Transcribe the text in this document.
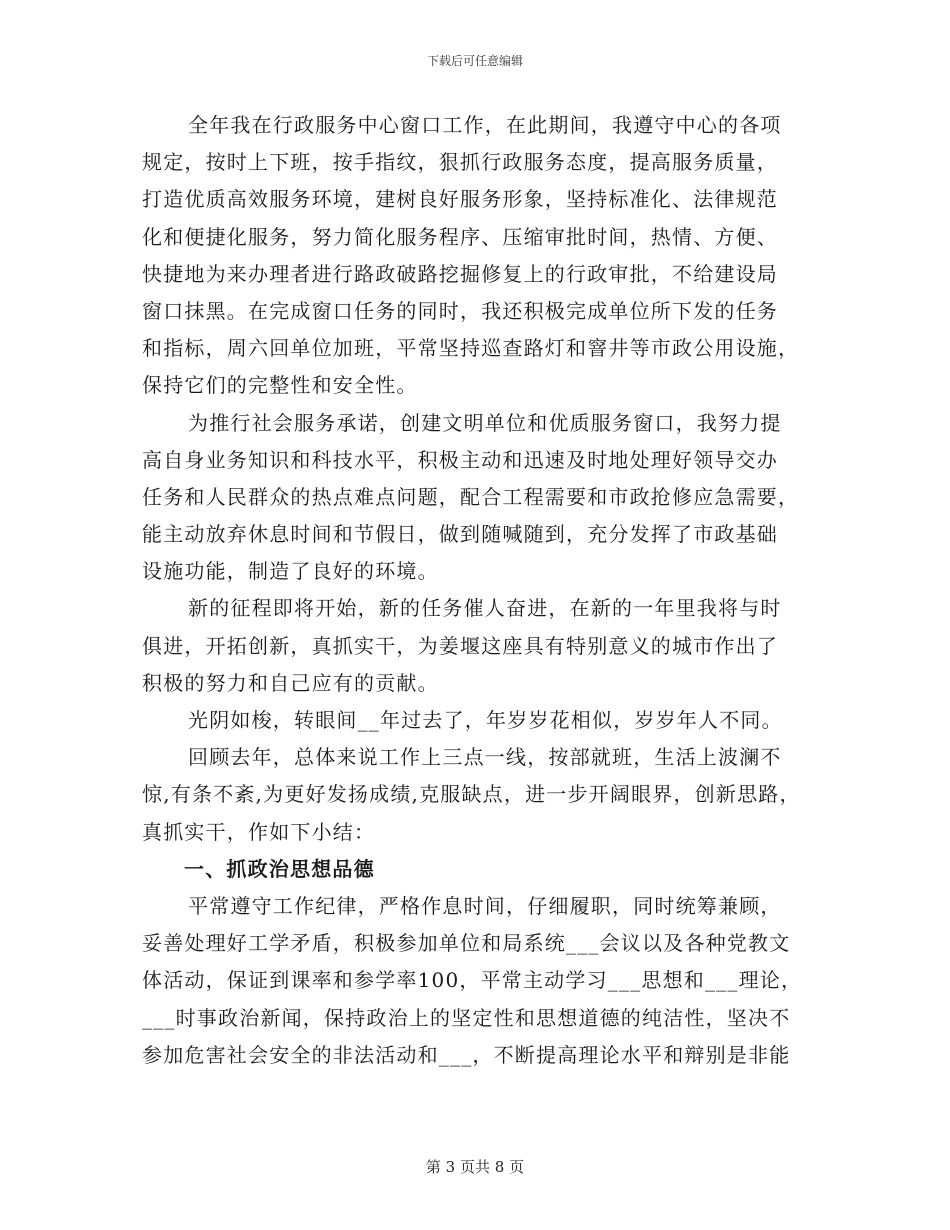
下载后可任意编辑
全年我在行政服务中心窗口工作，在此期间，我遵守中心的各项
规定，按时上下班，按手指纹，狠抓行政服务态度，提高服务质量，
打造优质高效服务环境，建树良好服务形象，坚持标准化、法律规范
化和便捷化服务，努力简化服务程序、压缩审批时间，热情、方便、
快捷地为来办理者进行路政破路挖掘修复上的行政审批，不给建设局
窗口抹黑。在完成窗口任务的同时，我还积极完成单位所下发的任务
和指标，周六回单位加班，平常坚持巡查路灯和窨井等市政公用设施，
保持它们的完整性和安全性。
为推行社会服务承诺，创建文明单位和优质服务窗口，我努力提
高自身业务知识和科技水平，积极主动和迅速及时地处理好领导交办
任务和人民群众的热点难点问题，配合工程需要和市政抢修应急需要，
能主动放弃休息时间和节假日，做到随喊随到，充分发挥了市政基础
设施功能，制造了良好的环境。
新的征程即将开始，新的任务催人奋进，在新的一年里我将与时
俱进，开拓创新，真抓实干，为姜堰这座具有特别意义的城市作出了
积极的努力和自己应有的贡献。
光阴如梭，转眼间__年过去了，年岁岁花相似，岁岁年人不同。
回顾去年，总体来说工作上三点一线，按部就班，生活上波澜不
惊,有条不紊,为更好发扬成绩,克服缺点，进一步开阔眼界，创新思路，
真抓实干，作如下小结：
一、抓政治思想品德
平常遵守工作纪律，严格作息时间，仔细履职，同时统筹兼顾，
妥善处理好工学矛盾，积极参加单位和局系统___会议以及各种党教文
体活动，保证到课率和参学率100，平常主动学习___思想和___理论，
___时事政治新闻，保持政治上的坚定性和思想道德的纯洁性，坚决不
参加危害社会安全的非法活动和___，不断提高理论水平和辩别是非能
第 3 页共 8 页
